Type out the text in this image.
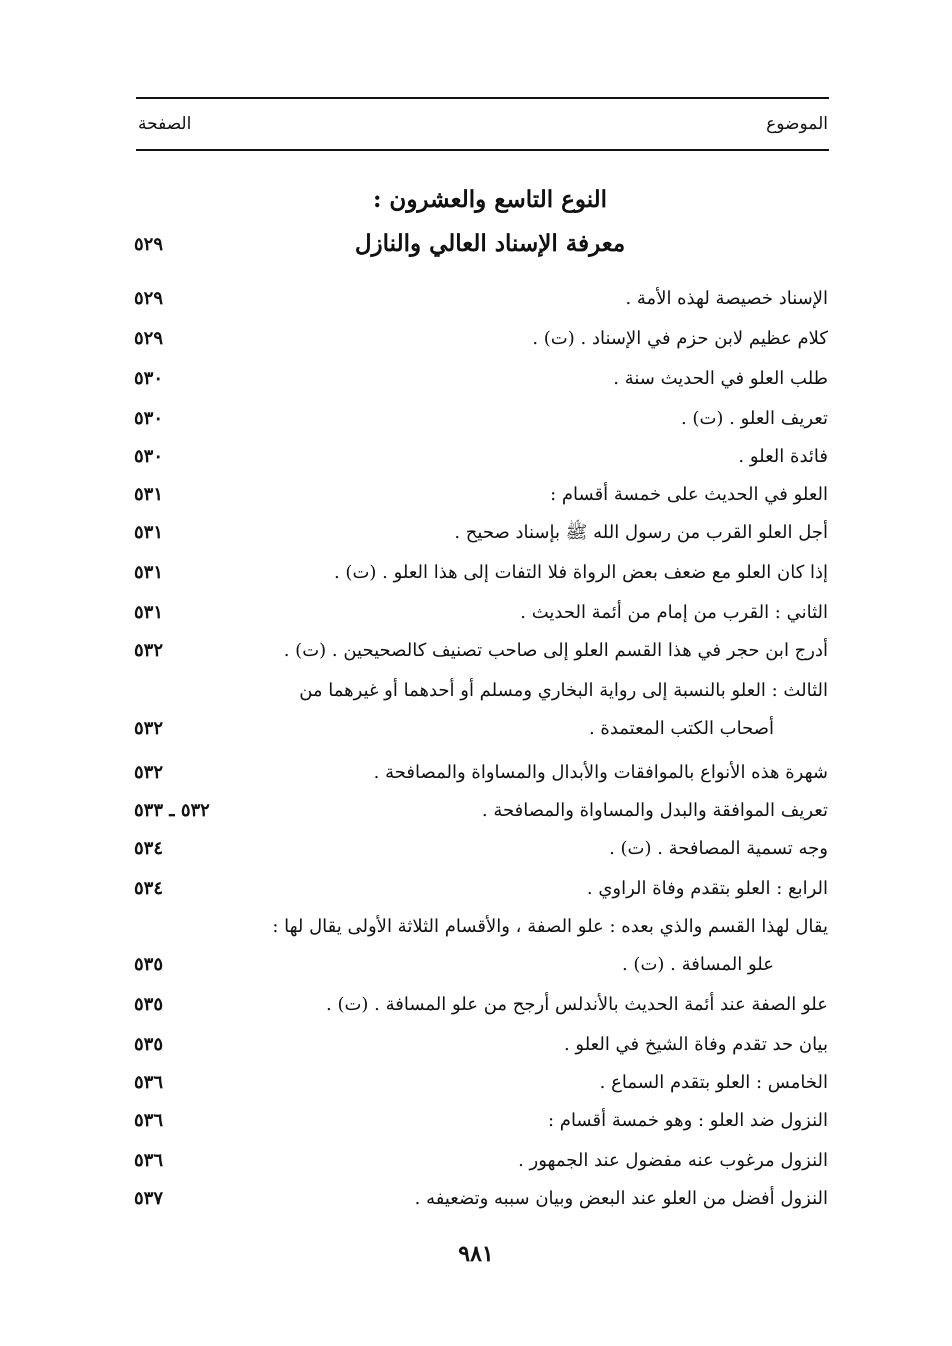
الموضوع
الصفحة
النوع التاسع والعشرون :
معرفة الإسناد العالي والنازل
٥٢٩
الإسناد خصيصة لهذه الأمة .
٥٢٩
كلام عظيم لابن حزم في الإسناد . (ت) .
٥٢٩
طلب العلو في الحديث سنة .
٥٣٠
تعريف العلو . (ت) .
٥٣٠
فائدة العلو .
٥٣٠
العلو في الحديث على خمسة أقسام :
٥٣١
أجل العلو القرب من رسول الله ﷺ بإسناد صحيح .
٥٣١
إذا كان العلو مع ضعف بعض الرواة فلا التفات إلى هذا العلو . (ت) .
٥٣١
الثاني : القرب من إمام من أئمة الحديث .
٥٣١
أدرج ابن حجر في هذا القسم العلو إلى صاحب تصنيف كالصحيحين . (ت) .
٥٣٢
الثالث : العلو بالنسبة إلى رواية البخاري ومسلم أو أحدهما أو غيرهما من
أصحاب الكتب المعتمدة .
٥٣٢
شهرة هذه الأنواع بالموافقات والأبدال والمساواة والمصافحة .
٥٣٢
تعريف الموافقة والبدل والمساواة والمصافحة .
٥٣٢ ـ ٥٣٣
وجه تسمية المصافحة . (ت) .
٥٣٤
الرابع : العلو بتقدم وفاة الراوي .
٥٣٤
يقال لهذا القسم والذي بعده : علو الصفة ، والأقسام الثلاثة الأولى يقال لها :
علو المسافة . (ت) .
٥٣٥
علو الصفة عند أئمة الحديث بالأندلس أرجح من علو المسافة . (ت) .
٥٣٥
بيان حد تقدم وفاة الشيخ في العلو .
٥٣٥
الخامس : العلو بتقدم السماع .
٥٣٦
النزول ضد العلو : وهو خمسة أقسام :
٥٣٦
النزول مرغوب عنه مفضول عند الجمهور .
٥٣٦
النزول أفضل من العلو عند البعض وبيان سببه وتضعيفه .
٥٣٧
٩٨١
